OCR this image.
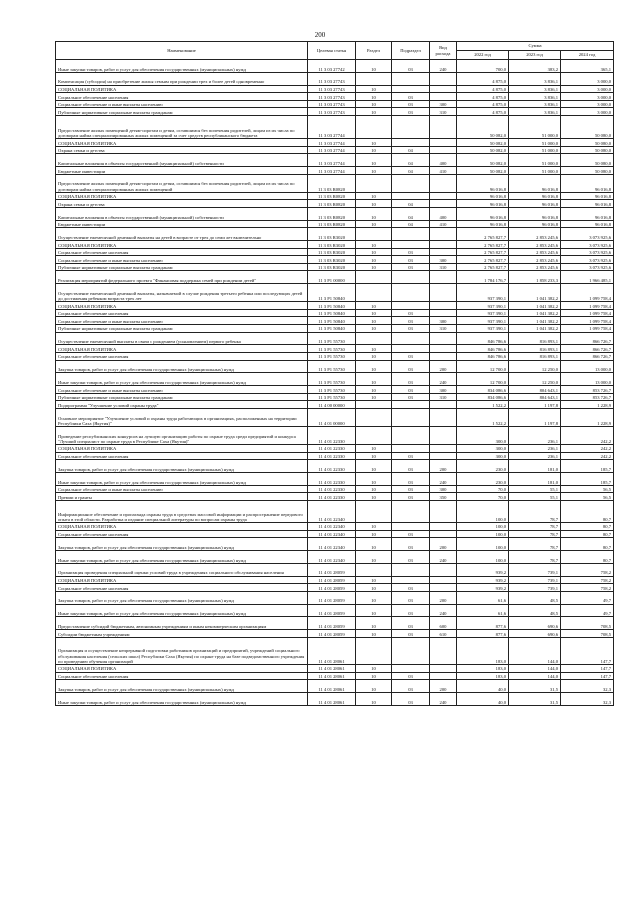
200
Наименование	Целевая статья	Раздел	Подраздел	Вид расхода	Сумма		
					2022 год	2023 год	2024 год
Иные закупки товаров, работ и услуг для обеспечения государственных (муниципальных) нужд	11 3 03 27742	10	03	240	700,0	383,2	365,1
Компенсация (субсидия) на приобретение жилья семьям при рождении трех и более детей одновременно	11 3 03 27743				4 875,0	3 836,1	3 000,0
СОЦИАЛЬНАЯ ПОЛИТИКА	11 3 03 27743	10			4 875,0	3 836,1	3 000,0
Социальное обеспечение населения	11 3 03 27743	10	03		4 875,0	3 836,1	3 000,0
Социальное обеспечение и иные выплаты населению	11 3 03 27743	10	03	300	4 875,0	3 836,1	3 000,0
Публичные нормативные социальные выплаты гражданам	11 3 03 27743	10	03	310	4 875,0	3 836,1	3 000,0
Предоставление жилых помещений детям-сиротам и детям, оставшимся без попечения родителей, лицам из их числа по договорам найма специализированных жилых помещений за счет средств республиканского бюджета	11 3 03 27744				50 082,0	51 000,0	50 080,0
СОЦИАЛЬНАЯ ПОЛИТИКА	11 3 03 27744	10			50 082,0	51 000,0	50 080,0
Охрана семьи и детства	11 3 03 27744	10	04		50 082,0	51 000,0	50 080,0
Капитальные вложения в объекты государственной (муниципальной) собственности	11 3 03 27744	10	04	400	50 082,0	51 000,0	50 080,0
Бюджетные инвестиции	11 3 03 27744	10	04	410	50 082,0	51 000,0	50 080,0
Предоставление жилых помещений детям-сиротам и детям, оставшимся без попечения родителей, лицам из их числа по договорам найма специализированных жилых помещений	11 3 03 R0820				96 016,8	96 016,8	96 016,8
СОЦИАЛЬНАЯ ПОЛИТИКА	11 3 03 R0820	10			96 016,8	96 016,8	96 016,8
Охрана семьи и детства	11 3 03 R0820	10	04		96 016,8	96 016,8	96 016,8
Капитальные вложения в объекты государственной (муниципальной) собственности	11 3 03 R0820	10	04	400	96 016,8	96 016,8	96 016,8
Бюджетные инвестиции	11 3 03 R0820	10	04	410	96 016,8	96 016,8	96 016,8
Осуществление ежемесячной денежной выплаты на детей в возрасте от трех до семи лет включительно	11 3 03 R3020				2 765 827,7	2 853 245,6	3 073 925,6
СОЦИАЛЬНАЯ ПОЛИТИКА	11 3 03 R3020	10			2 765 827,7	2 853 245,6	3 073 925,6
Социальное обеспечение населения	11 3 03 R3020	10	03		2 765 827,7	2 853 245,6	3 073 925,6
Социальное обеспечение и иные выплаты населению	11 3 03 R3020	10	03	300	2 765 827,7	2 853 245,6	3 073 925,6
Публичные нормативные социальные выплаты гражданам	11 3 03 R3020	10	03	310	2 765 827,7	2 853 245,6	3 073 925,6
Реализация мероприятий федерального проекта "Финансовая поддержка семей при рождении детей"	11 3 P1 00000				1 784 176,7	1 858 233,3	1 966 485,1
Осуществление ежемесячной денежной выплаты, назначаемой в случае рождения третьего ребенка или последующих детей до достижения ребенком возраста трех лет	11 3 P1 50840				937 390,1	1 041 382,2	1 099 758,4
СОЦИАЛЬНАЯ ПОЛИТИКА	11 3 P1 50840	10			937 390,1	1 041 382,2	1 099 758,4
Социальное обеспечение населения	11 3 P1 50840	10	03		937 390,1	1 041 382,2	1 099 758,4
Социальное обеспечение и иные выплаты населению	11 3 P1 50840	10	03	300	937 390,1	1 041 382,2	1 099 758,4
Публичные нормативные социальные выплаты гражданам	11 3 P1 50840	10	03	310	937 390,1	1 041 382,2	1 099 758,4
Осуществление ежемесячной выплаты в связи с рождением (усыновлением) первого ребенка	11 3 P1 55730				846 786,6	816 893,1	866 726,7
СОЦИАЛЬНАЯ ПОЛИТИКА	11 3 P1 55730	10			846 786,6	816 893,1	866 726,7
Социальное обеспечение населения	11 3 P1 55730	10	03		846 786,6	816 893,1	866 726,7
Закупка товаров, работ и услуг для обеспечения государственных (муниципальных) нужд	11 3 P1 55730	10	03	200	12 700,0	12 250,0	13 000,0
Иные закупки товаров, работ и услуг для обеспечения государственных (муниципальных) нужд	11 3 P1 55730	10	03	240	12 700,0	12 250,0	13 000,0
Социальное обеспечение и иные выплаты населению	11 3 P1 55730	10	03	300	834 086,6	804 643,1	853 726,7
Публичные нормативные социальные выплаты гражданам	11 3 P1 55730	10	03	310	834 086,6	804 643,1	853 726,7
Подпрограмма "Улучшение условий охраны труда"	11 4 00 00000				1 522,2	1 197,8	1 228,9
Основное мероприятие "Улучшение условий и охраны труда работающих в организациях, расположенных на территории Республики Саха (Якутия)"	11 4 01 00000				1 522,2	1 197,8	1 228,9
Проведение республиканских конкурсов на лучшую организацию работы по охране труда среди предприятий и конкурса "Лучший специалист по охране труда в Республике Саха (Якутия)"	11 4 01 22330				300,0	236,1	242,2
СОЦИАЛЬНАЯ ПОЛИТИКА	11 4 01 22330	10			300,0	236,1	242,2
Социальное обеспечение населения	11 4 01 22330	10	03		300,0	236,1	242,2
Закупка товаров, работ и услуг для обеспечения государственных (муниципальных) нужд	11 4 01 22330	10	03	200	230,0	181,0	185,7
Иные закупки товаров, работ и услуг для обеспечения государственных (муниципальных) нужд	11 4 01 22330	10	03	240	230,0	181,0	185,7
Социальное обеспечение и иные выплаты населению	11 4 01 22330	10	03	300	70,0	55,1	56,5
Премии и гранты	11 4 01 22330	10	03	350	70,0	55,1	56,5
Информационное обеспечение и пропаганда охраны труда в средствах массовой информации и распространение передового опыта в этой области. Разработка и издание специальной литературы по вопросам охраны труда	11 4 01 22340				100,0	78,7	80,7
СОЦИАЛЬНАЯ ПОЛИТИКА	11 4 01 22340	10			100,0	78,7	80,7
Социальное обеспечение населения	11 4 01 22340	10	03		100,0	78,7	80,7
Закупка товаров, работ и услуг для обеспечения государственных (муниципальных) нужд	11 4 01 22340	10	03	200	100,0	78,7	80,7
Иные закупки товаров, работ и услуг для обеспечения государственных (муниципальных) нужд	11 4 01 22340	10	03	240	100,0	78,7	80,7
Организация проведения специальной оценки условий труда в учреждениях социального обслуживания населения	11 4 01 28059				939,2	739,1	758,2
СОЦИАЛЬНАЯ ПОЛИТИКА	11 4 01 28059	10			939,2	739,1	758,2
Социальное обеспечение населения	11 4 01 28059	10	03		939,2	739,1	758,2
Закупка товаров, работ и услуг для обеспечения государственных (муниципальных) нужд	11 4 01 28059	10	03	200	61,6	48,5	49,7
Иные закупки товаров, работ и услуг для обеспечения государственных (муниципальных) нужд	11 4 01 28059	10	03	240	61,6	48,5	49,7
Предоставление субсидий бюджетным, автономным учреждениям и иным некоммерческим организациям	11 4 01 28059	10	03	600	877,6	690,6	708,5
Субсидии бюджетным учреждениям	11 4 01 28059	10	03	610	877,6	690,6	708,5
Организация и осуществление непрерывной подготовки работников организаций и предприятий, учреждений социального обслуживания населения (сельских школ) Республики Саха (Якутия) по охране труда на базе подведомственного учреждения по проведению обучения организаций	11 4 01 28061				183,0	144,0	147,7
СОЦИАЛЬНАЯ ПОЛИТИКА	11 4 01 28061	10			183,0	144,0	147,7
Социальное обеспечение населения	11 4 01 28061	10	03		183,0	144,0	147,7
Закупка товаров, работ и услуг для обеспечения государственных (муниципальных) нужд	11 4 01 28061	10	03	200	40,0	31,5	32,3
Иные закупки товаров, работ и услуг для обеспечения государственных (муниципальных) нужд	11 4 01 28061	10	03	240	40,0	31,5	32,3
